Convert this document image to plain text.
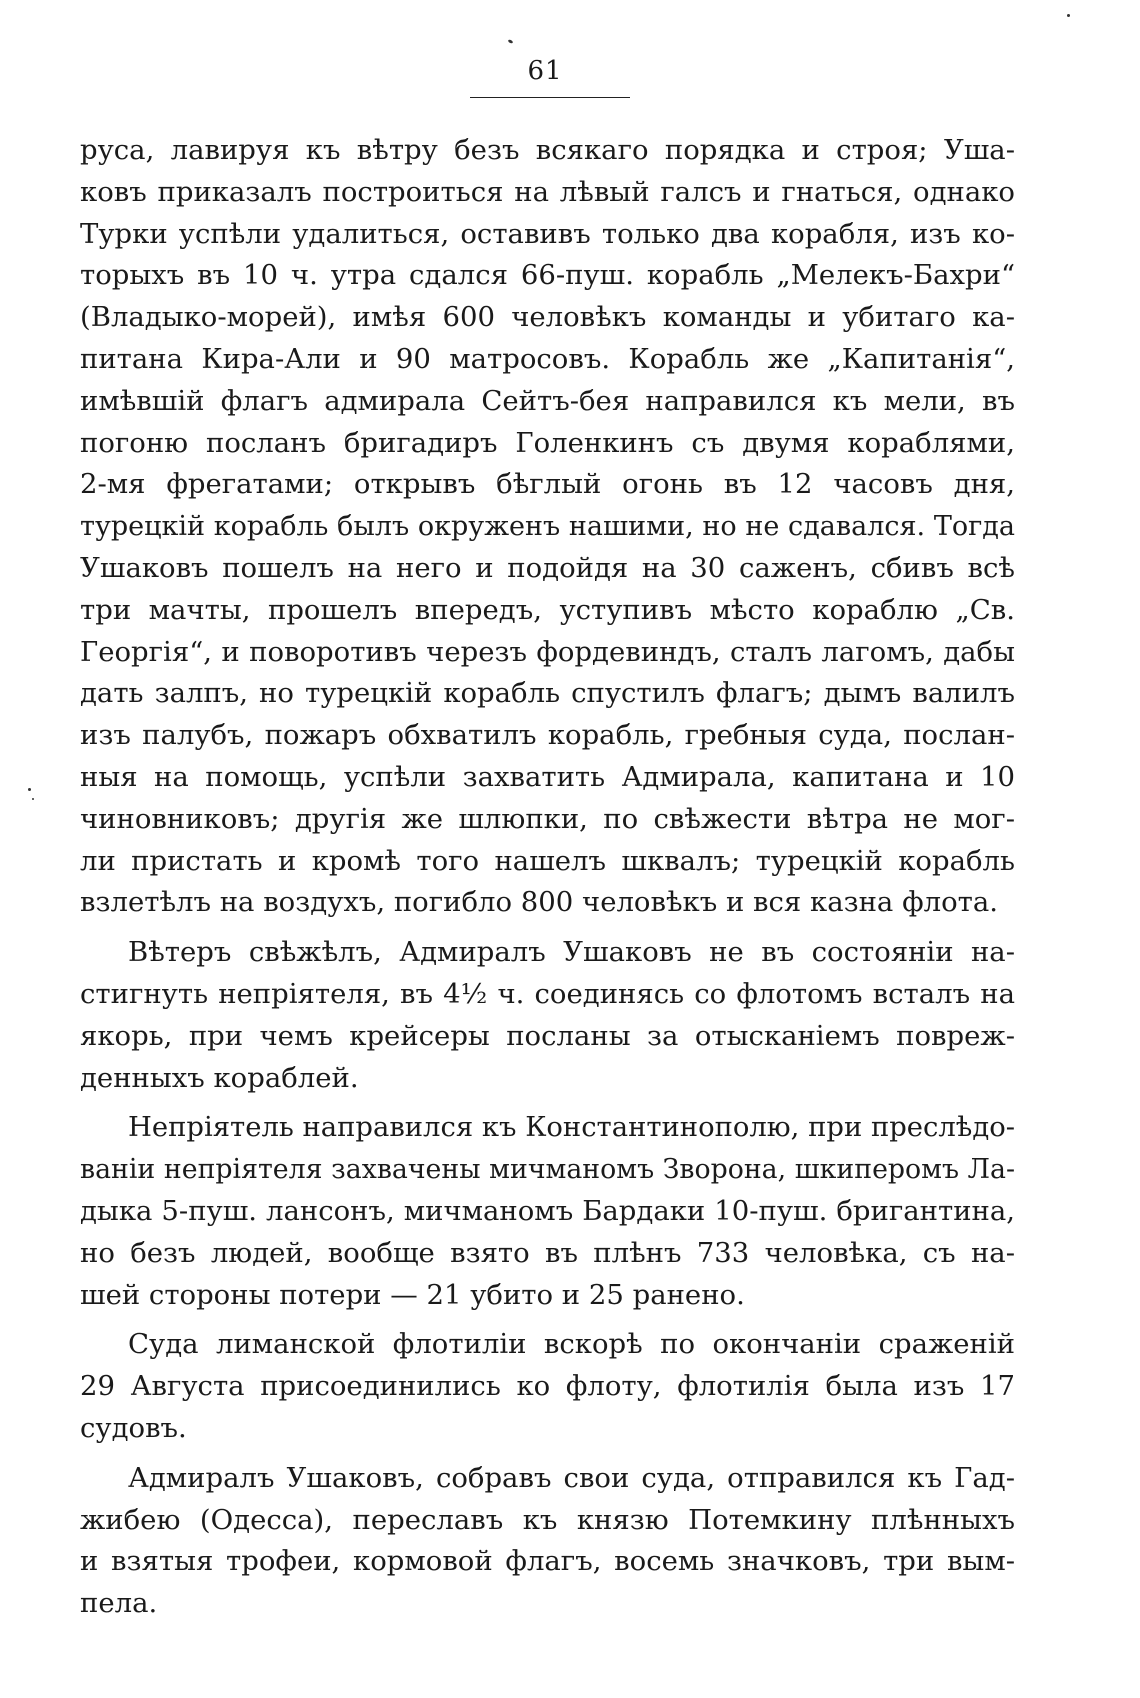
61

руса, лавируя къ вѣтру безъ всякаго порядка и строя; Уша-
ковъ приказалъ построиться на лѣвый галсъ и гнаться, однако
Турки успѣли удалиться, оставивъ только два корабля, изъ ко-
торыхъ въ 10 ч. утра сдался 66-пуш. корабль „Мелекъ-Бахри“
(Владыко-морей), имѣя 600 человѣкъ команды и убитаго ка-
питана Кира-Али и 90 матросовъ. Корабль же „Капитанія“,
имѣвшій флагъ адмирала Сейтъ-бея направился къ мели, въ
погоню посланъ бригадиръ Голенкинъ съ двумя кораблями,
2-мя фрегатами; открывъ бѣглый огонь въ 12 часовъ дня,
турецкій корабль былъ окруженъ нашими, но не сдавался. Тогда
Ушаковъ пошелъ на него и подойдя на 30 саженъ, сбивъ всѣ
три мачты, прошелъ впередъ, уступивъ мѣсто кораблю „Св.
Георгія“, и поворотивъ черезъ фордевиндъ, сталъ лагомъ, дабы
дать залпъ, но турецкій корабль спустилъ флагъ; дымъ валилъ
изъ палубъ, пожаръ обхватилъ корабль, гребныя суда, послан-
ныя на помощь, успѣли захватить Адмирала, капитана и 10
чиновниковъ; другія же шлюпки, по свѣжести вѣтра не мог-
ли пристать и кромѣ того нашелъ шквалъ; турецкій корабль
взлетѣлъ на воздухъ, погибло 800 человѣкъ и вся казна флота.

Вѣтеръ свѣжѣлъ, Адмиралъ Ушаковъ не въ состояніи на-
стигнуть непріятеля, въ 4½ ч. соединясь со флотомъ всталъ на
якорь, при чемъ крейсеры посланы за отысканіемъ повреж-
денныхъ кораблей.

Непріятель направился къ Константинополю, при преслѣдо-
ваніи непріятеля захвачены мичманомъ Зворона, шкиперомъ Ла-
дыка 5-пуш. лансонъ, мичманомъ Бардаки 10-пуш. бригантина,
но безъ людей, вообще взято въ плѣнъ 733 человѣка, съ на-
шей стороны потери — 21 убито и 25 ранено.

Суда лиманской флотиліи вскорѣ по окончаніи сраженій
29 Августа присоединились ко флоту, флотилія была изъ 17
судовъ.

Адмиралъ Ушаковъ, собравъ свои суда, отправился къ Гад-
жибею (Одесса), переславъ къ князю Потемкину плѣнныхъ
и взятыя трофеи, кормовой флагъ, восемь значковъ, три вым-
пела.
